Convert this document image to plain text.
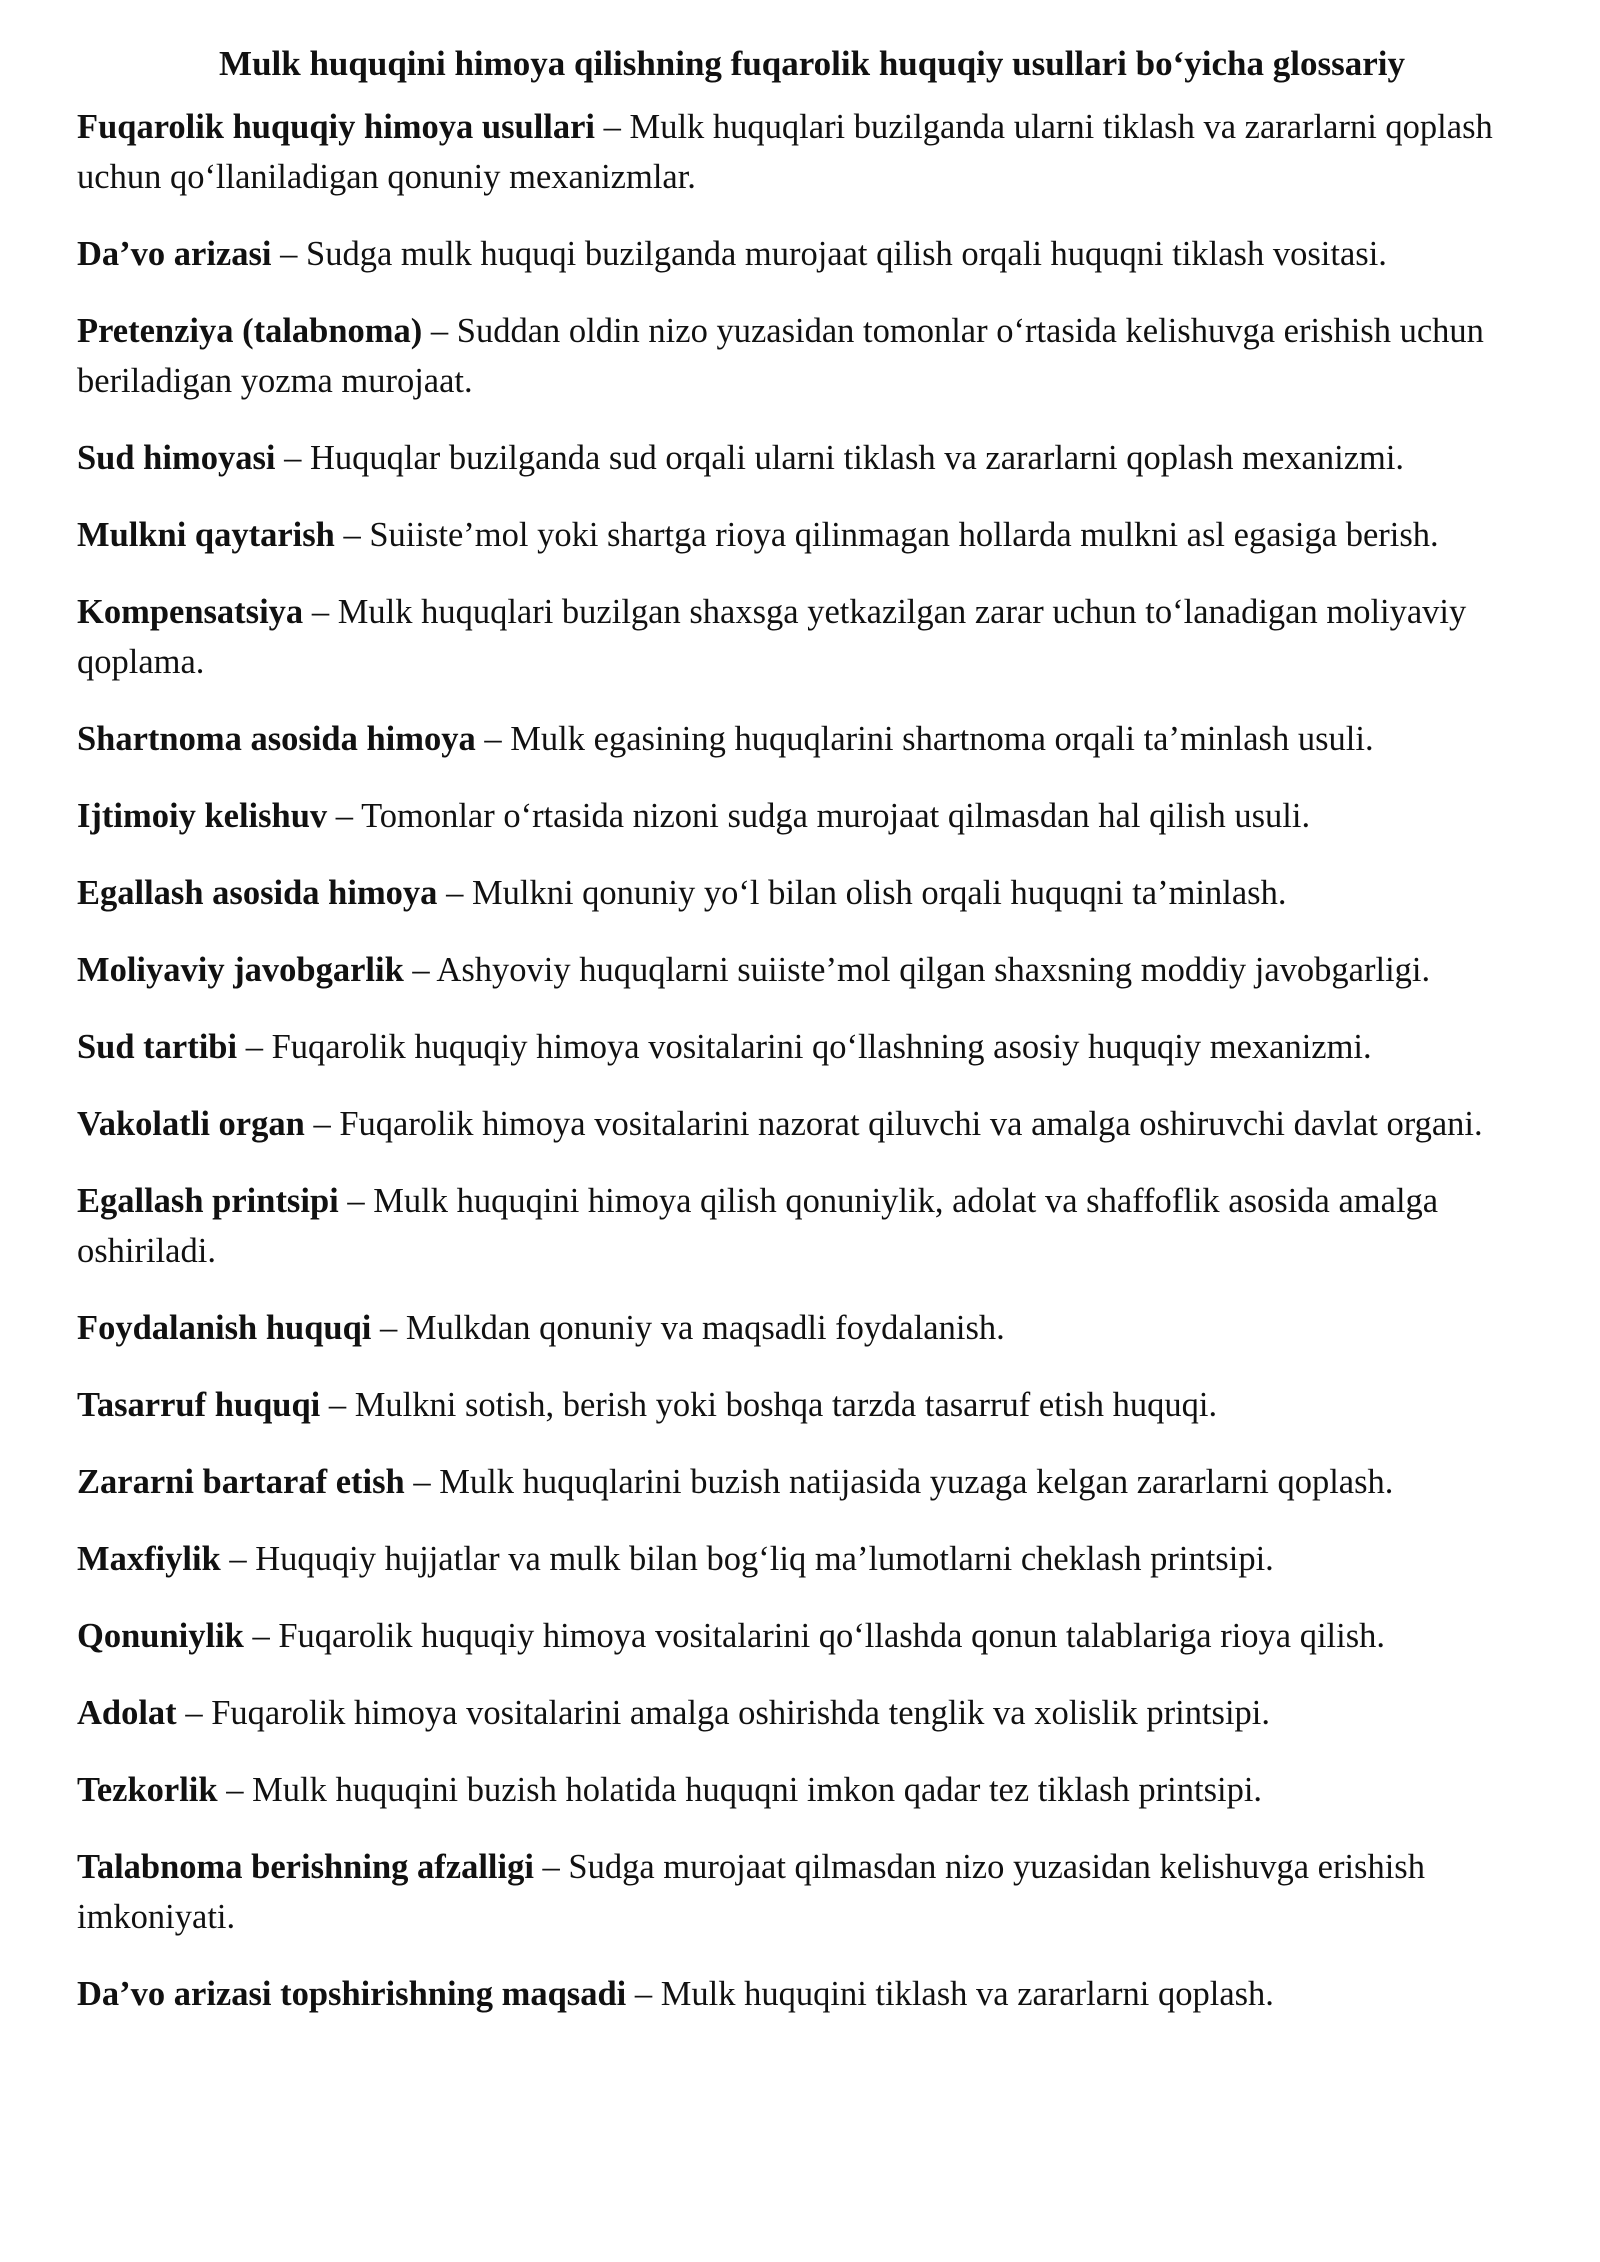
Mulk huquqini himoya qilishning fuqarolik huquqiy usullari bo‘yicha glossariy

Fuqarolik huquqiy himoya usullari – Mulk huquqlari buzilganda ularni tiklash va zararlarni qoplash uchun qo‘llaniladigan qonuniy mexanizmlar.

Da’vo arizasi – Sudga mulk huquqi buzilganda murojaat qilish orqali huquqni tiklash vositasi.

Pretenziya (talabnoma) – Suddan oldin nizo yuzasidan tomonlar o‘rtasida kelishuvga erishish uchun beriladigan yozma murojaat.

Sud himoyasi – Huquqlar buzilganda sud orqali ularni tiklash va zararlarni qoplash mexanizmi.

Mulkni qaytarish – Suiiste’mol yoki shartga rioya qilinmagan hollarda mulkni asl egasiga berish.

Kompensatsiya – Mulk huquqlari buzilgan shaxsga yetkazilgan zarar uchun to‘lanadigan moliyaviy qoplama.

Shartnoma asosida himoya – Mulk egasining huquqlarini shartnoma orqali ta’minlash usuli.

Ijtimoiy kelishuv – Tomonlar o‘rtasida nizoni sudga murojaat qilmasdan hal qilish usuli.

Egallash asosida himoya – Mulkni qonuniy yo‘l bilan olish orqali huquqni ta’minlash.

Moliyaviy javobgarlik – Ashyoviy huquqlarni suiiste’mol qilgan shaxsning moddiy javobgarligi.

Sud tartibi – Fuqarolik huquqiy himoya vositalarini qo‘llashning asosiy huquqiy mexanizmi.

Vakolatli organ – Fuqarolik himoya vositalarini nazorat qiluvchi va amalga oshiruvchi davlat organi.

Egallash printsipi – Mulk huquqini himoya qilish qonuniylik, adolat va shaffoflik asosida amalga oshiriladi.

Foydalanish huquqi – Mulkdan qonuniy va maqsadli foydalanish.

Tasarruf huquqi – Mulkni sotish, berish yoki boshqa tarzda tasarruf etish huquqi.

Zararni bartaraf etish – Mulk huquqlarini buzish natijasida yuzaga kelgan zararlarni qoplash.

Maxfiylik – Huquqiy hujjatlar va mulk bilan bog‘liq ma’lumotlarni cheklash printsipi.

Qonuniylik – Fuqarolik huquqiy himoya vositalarini qo‘llashda qonun talablariga rioya qilish.

Adolat – Fuqarolik himoya vositalarini amalga oshirishda tenglik va xolislik printsipi.

Tezkorlik – Mulk huquqini buzish holatida huquqni imkon qadar tez tiklash printsipi.

Talabnoma berishning afzalligi – Sudga murojaat qilmasdan nizo yuzasidan kelishuvga erishish imkoniyati.

Da’vo arizasi topshirishning maqsadi – Mulk huquqini tiklash va zararlarni qoplash.
